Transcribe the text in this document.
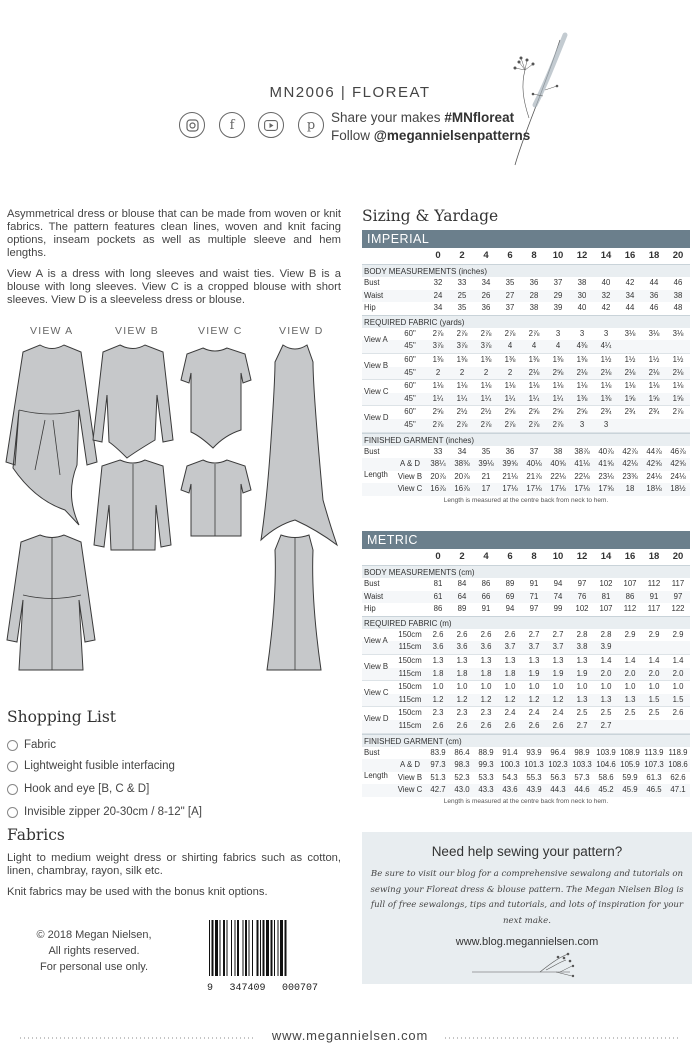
MN2006 | FLOREAT
f	p	Share your makes #MNfloreat
Follow @megannielsenpatterns
Asymmetrical dress or blouse that can be made from woven or knit fabrics. The pattern features clean lines, woven and knit facing options, inseam pockets as well as multiple sleeve and hem lengths.
View A is a dress with long sleeves and waist ties. View B is a blouse with long sleeves. View C is a cropped blouse with short sleeves. View D is a sleeveless dress or blouse.
VIEW A	VIEW B	VIEW C	VIEW D
Shopping List
Fabric
Lightweight fusible interfacing
Hook and eye [B, C & D]
Invisible zipper 20-30cm / 8-12" [A]
Fabrics
Light to medium weight dress or shirting fabrics such as cotton, linen, chambray, rayon, silk etc.
Knit fabrics may be used with the bonus knit options.
© 2018 Megan Nielsen,
All rights reserved.
For personal use only.
9 347409 000707
Sizing & Yardage
IMPERIAL
0	2	4	6	8	10	12	14	16	18	20
BODY MEASUREMENTS (inches)
Bust	32	33	34	35	36	37	38	40	42	44	46
Waist	24	25	26	27	28	29	30	32	34	36	38
Hip	34	35	36	37	38	39	40	42	44	46	48
REQUIRED FABRIC (yards)
View A
60"	2⅞	2⅞	2⅞	2⅞	2⅞	3	3	3	3⅛	3⅛	3⅛
45"	3⅞	3⅞	3⅞	4	4	4	4⅜	4¼
View B
60"	1⅜	1⅜	1⅜	1⅜	1⅜	1⅜	1⅜	1½	1½	1½	1½
45"	2	2	2	2	2⅛	2⅝	2⅛	2⅛	2⅛	2⅛	2⅛
View C
60"	1⅛	1⅛	1⅛	1⅛	1⅛	1⅛	1⅛	1⅛	1⅛	1⅛	1⅛
45"	1¼	1¼	1¼	1¼	1¼	1¼	1⅜	1⅜	1⅝	1⅝	1⅝
View D
60"	2⅝	2½	2½	2⅝	2⅝	2⅝	2⅝	2¾	2¾	2¾	2⅞
45"	2⅞	2⅞	2⅞	2⅞	2⅞	2⅞	3	3
FINISHED GARMENT (inches)
Bust	33	34	35	36	37	38	38⅞	40⅞	42⅞	44⅞	46⅞
Length
A & D	38¼	38⅜	39⅛	39⅝	40⅛	40⅝	41⅛	41⅝	42⅛	42⅝	42⅝
View B	20⅞	20⅞	21	21⅛	21⅞	22⅛	22⅛	23⅛	23⅜	24⅛	24⅛
View C	16⅞	16⅞	17	17⅛	17⅛	17⅛	17⅛	17⅝	18	18⅛	18½
Length is measured at the centre back from neck to hem.
METRIC
0	2	4	6	8	10	12	14	16	18	20
BODY MEASUREMENTS (cm)
Bust	81	84	86	89	91	94	97	102	107	112	117
Waist	61	64	66	69	71	74	76	81	86	91	97
Hip	86	89	91	94	97	99	102	107	112	117	122
REQUIRED FABRIC (m)
View A
150cm	2.6	2.6	2.6	2.6	2.7	2.7	2.8	2.8	2.9	2.9	2.9
115cm	3.6	3.6	3.6	3.7	3.7	3.7	3.8	3.9
View B
150cm	1.3	1.3	1.3	1.3	1.3	1.3	1.3	1.4	1.4	1.4	1.4
115cm	1.8	1.8	1.8	1.8	1.9	1.9	1.9	2.0	2.0	2.0	2.0
View C
150cm	1.0	1.0	1.0	1.0	1.0	1.0	1.0	1.0	1.0	1.0	1.0
115cm	1.2	1.2	1.2	1.2	1.2	1.2	1.3	1.3	1.3	1.5	1.5
View D
150cm	2.3	2.3	2.3	2.4	2.4	2.4	2.5	2.5	2.5	2.5	2.6
115cm	2.6	2.6	2.6	2.6	2.6	2.6	2.7	2.7
FINISHED GARMENT (cm)
Bust	83.9	86.4	88.9	91.4	93.9	96.4	98.9 103.9 108.9 113.9 118.9
Length
A & D	97.3	98.3	99.3 100.3 101.3 102.3 103.3 104.6 105.9 107.3 108.6
View B	51.3	52.3	53.3	54.3	55.3	56.3	57.3	58.6	59.9	61.3	62.6
View C	42.7	43.0	43.3	43.6	43.9	44.3	44.6	45.2	45.9	46.5	47.1
Length is measured at the centre back from neck to hem.
Need help sewing your pattern?
Be sure to visit our blog for a comprehensive sewalong and tutorials on sewing your Floreat dress & blouse pattern. The Megan Nielsen Blog is full of free sewalongs, tips and tutorials, and lots of inspiration for your next make.
www.blog.megannielsen.com
www.megannielsen.com
